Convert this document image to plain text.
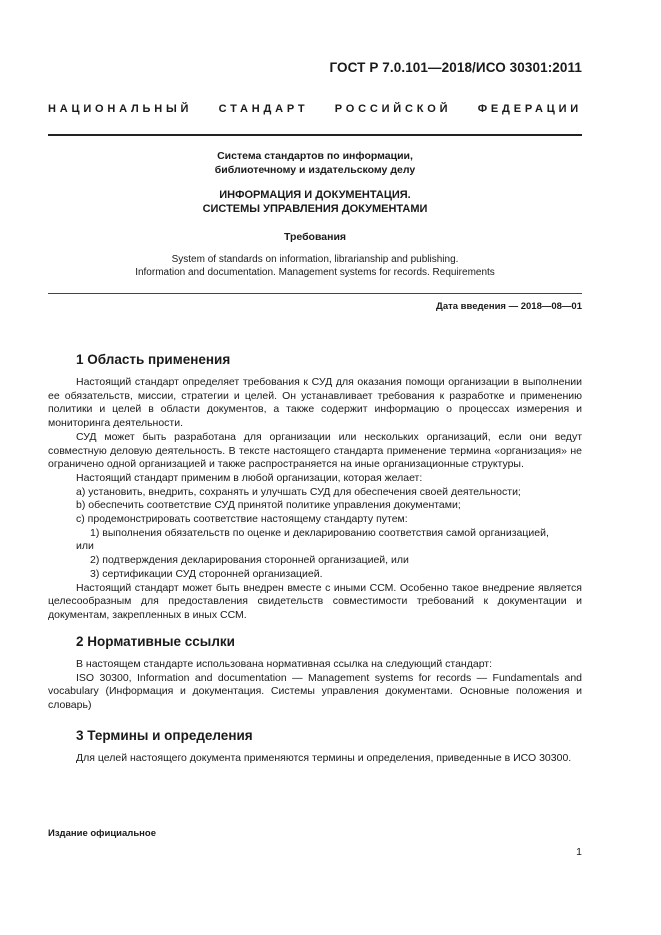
ГОСТ Р 7.0.101—2018/ИСО 30301:2011
НАЦИОНАЛЬНЫЙ СТАНДАРТ РОССИЙСКОЙ ФЕДЕРАЦИИ
Система стандартов по информации,
библиотечному и издательскому делу
ИНФОРМАЦИЯ И ДОКУМЕНТАЦИЯ.
СИСТЕМЫ УПРАВЛЕНИЯ ДОКУМЕНТАМИ
Требования
System of standards on information, librarianship and publishing.
Information and documentation. Management systems for records. Requirements
Дата введения — 2018—08—01
1 Область применения

Настоящий стандарт определяет требования к СУД для оказания помощи организации в выполнении ее обязательств, миссии, стратегии и целей. Он устанавливает требования к разработке и применению политики и целей в области документов, а также содержит информацию о процессах измерения и мониторинга деятельности.

СУД может быть разработана для организации или нескольких организаций, если они ведут совместную деловую деятельность. В тексте настоящего стандарта применение термина «организация» не ограничено одной организацией и также распространяется на иные организационные структуры.

Настоящий стандарт применим в любой организации, которая желает:

a) установить, внедрить, сохранять и улучшать СУД для обеспечения своей деятельности;

b) обеспечить соответствие СУД принятой политике управления документами;

c) продемонстрировать соответствие настоящему стандарту путем:

1) выполнения обязательств по оценке и декларированию соответствия самой организацией,

или

2) подтверждения декларирования сторонней организацией, или

3) сертификации СУД сторонней организацией.

Настоящий стандарт может быть внедрен вместе с иными ССМ. Особенно такое внедрение является целесообразным для предоставления свидетельств совместимости требований к документации и документам, закрепленных в иных ССМ.

2 Нормативные ссылки

В настоящем стандарте использована нормативная ссылка на следующий стандарт:

ISO 30300, Information and documentation — Management systems for records — Fundamentals and vocabulary (Информация и документация. Системы управления документами. Основные положения и словарь)

3 Термины и определения

Для целей настоящего документа применяются термины и определения, приведенные в ИСО 30300.

Издание официальное
1
